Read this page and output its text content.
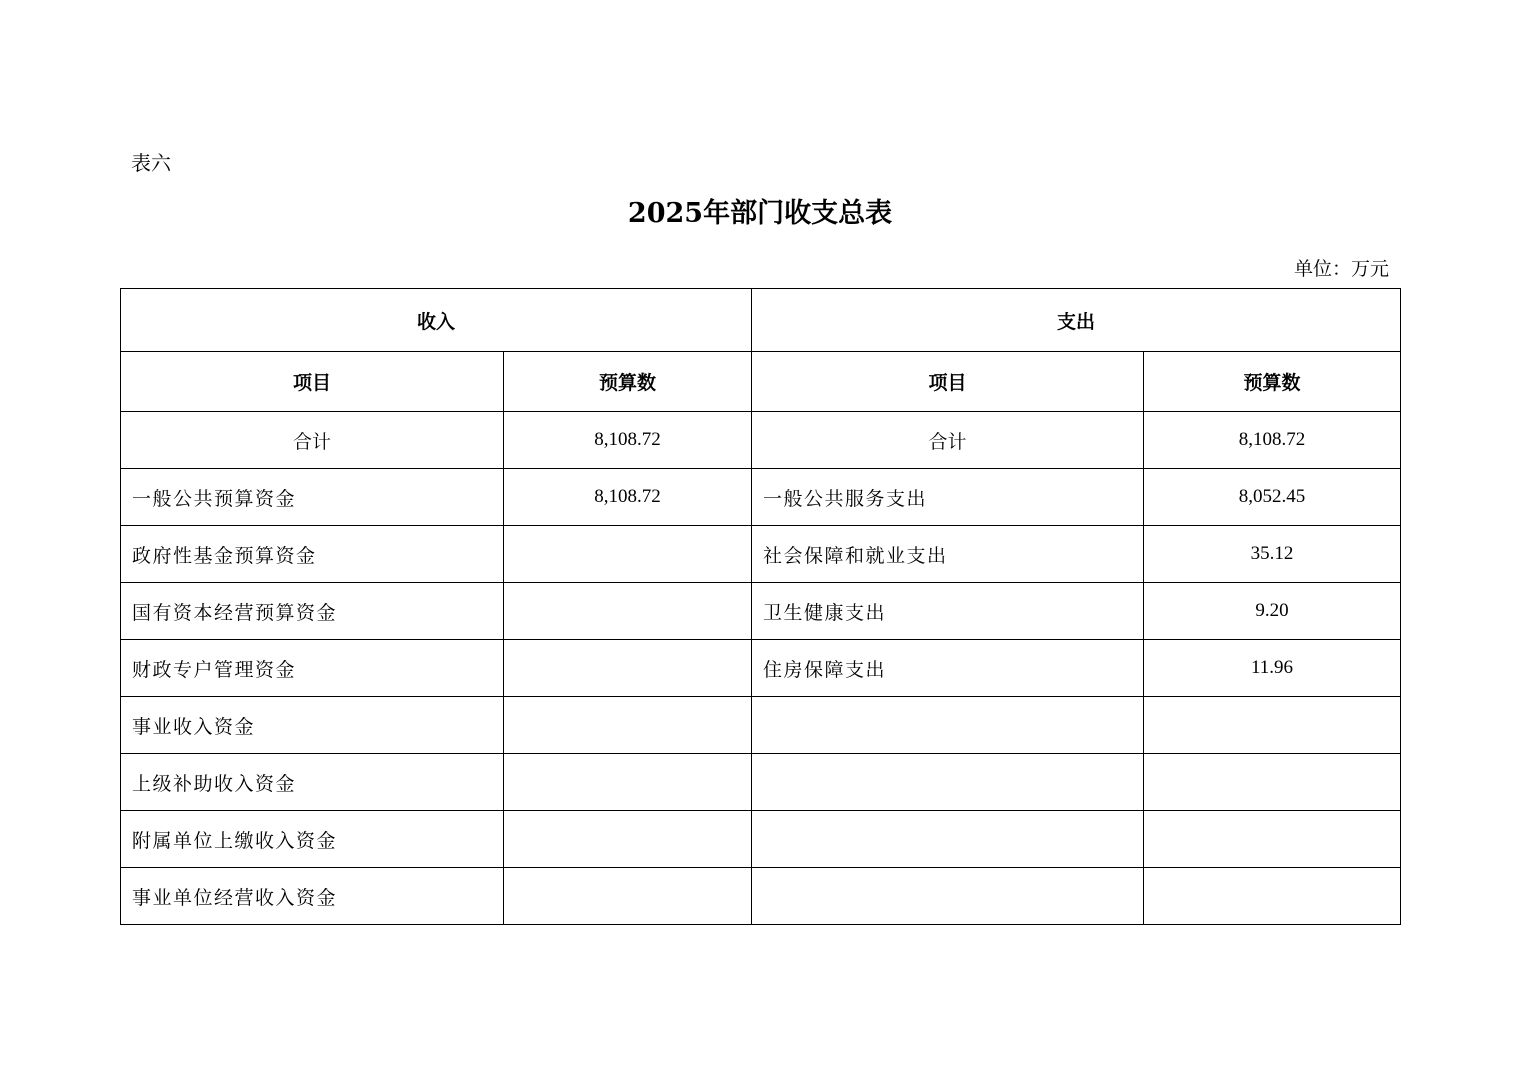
表六
2025年部门收支总表
单位：万元
收入		支出	
项目	预算数	项目	预算数
合计	8,108.72	合计	8,108.72
一般公共预算资金	8,108.72	一般公共服务支出	8,052.45
政府性基金预算资金		社会保障和就业支出	35.12
国有资本经营预算资金		卫生健康支出	9.20
财政专户管理资金		住房保障支出	11.96
事业收入资金			
上级补助收入资金			
附属单位上缴收入资金			
事业单位经营收入资金			
